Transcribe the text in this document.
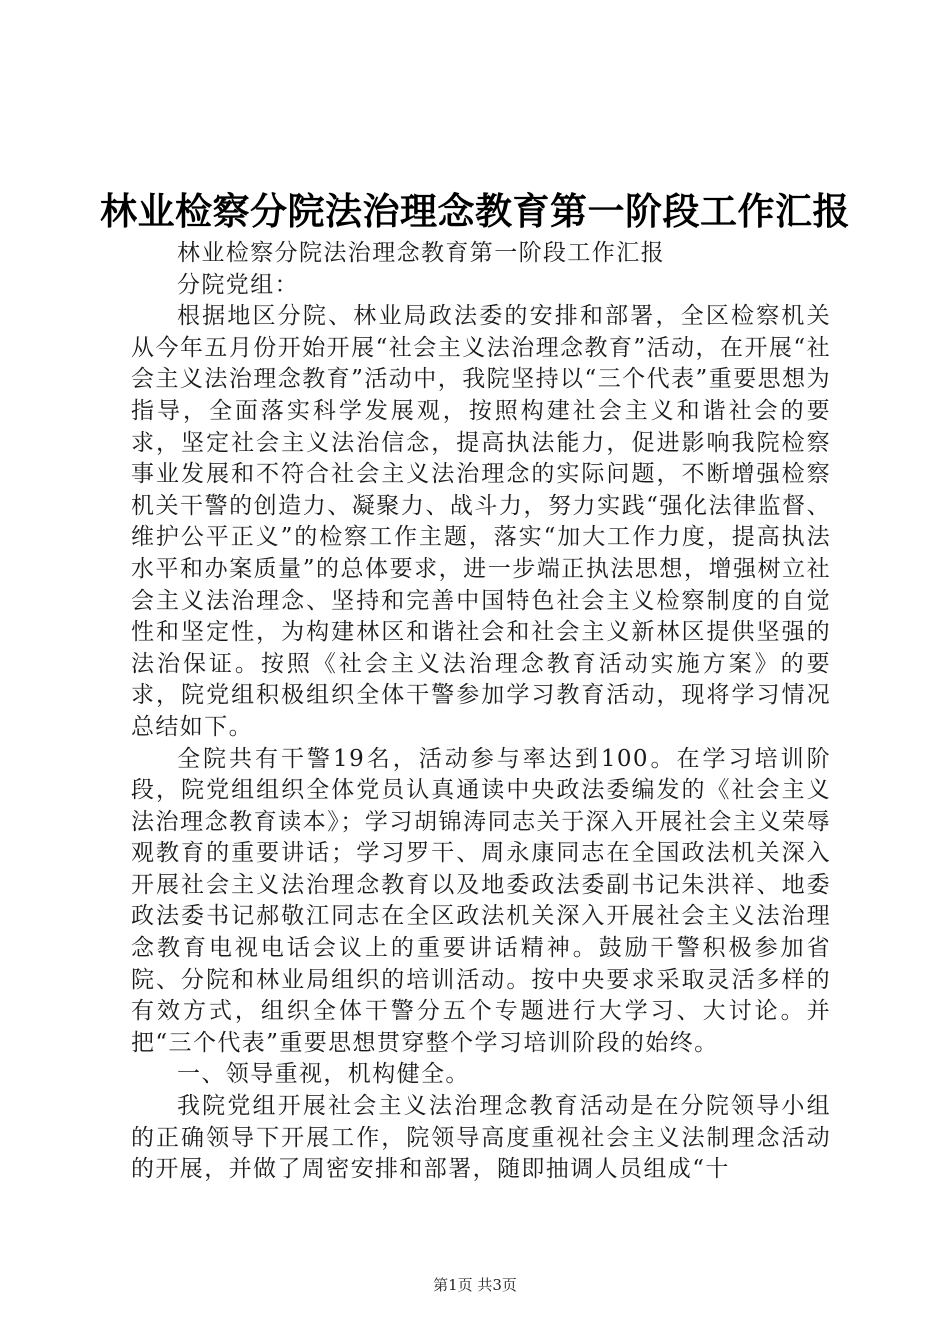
林业检察分院法治理念教育第一阶段工作汇报

林业检察分院法治理念教育第一阶段工作汇报

分院党组：

根据地区分院、林业局政法委的安排和部署，全区检察机关从今年五月份开始开展“社会主义法治理念教育”活动，在开展“社会主义法治理念教育”活动中，我院坚持以“三个代表”重要思想为指导，全面落实科学发展观，按照构建社会主义和谐社会的要求，坚定社会主义法治信念，提高执法能力，促进影响我院检察事业发展和不符合社会主义法治理念的实际问题，不断增强检察机关干警的创造力、凝聚力、战斗力，努力实践“强化法律监督、维护公平正义”的检察工作主题，落实“加大工作力度，提高执法水平和办案质量”的总体要求，进一步端正执法思想，增强树立社会主义法治理念、坚持和完善中国特色社会主义检察制度的自觉性和坚定性，为构建林区和谐社会和社会主义新林区提供坚强的法治保证。按照《社会主义法治理念教育活动实施方案》的要求，院党组积极组织全体干警参加学习教育活动，现将学习情况总结如下。

全院共有干警19名，活动参与率达到100。在学习培训阶段，院党组组织全体党员认真通读中央政法委编发的《社会主义法治理念教育读本》；学习胡锦涛同志关于深入开展社会主义荣辱观教育的重要讲话；学习罗干、周永康同志在全国政法机关深入开展社会主义法治理念教育以及地委政法委副书记朱洪祥、地委政法委书记郝敬江同志在全区政法机关深入开展社会主义法治理念教育电视电话会议上的重要讲话精神。鼓励干警积极参加省院、分院和林业局组织的培训活动。按中央要求采取灵活多样的有效方式，组织全体干警分五个专题进行大学习、大讨论。并把“三个代表”重要思想贯穿整个学习培训阶段的始终。

一、领导重视，机构健全。

我院党组开展社会主义法治理念教育活动是在分院领导小组的正确领导下开展工作，院领导高度重视社会主义法制理念活动的开展，并做了周密安排和部署，随即抽调人员组成“十

第1页 共3页
